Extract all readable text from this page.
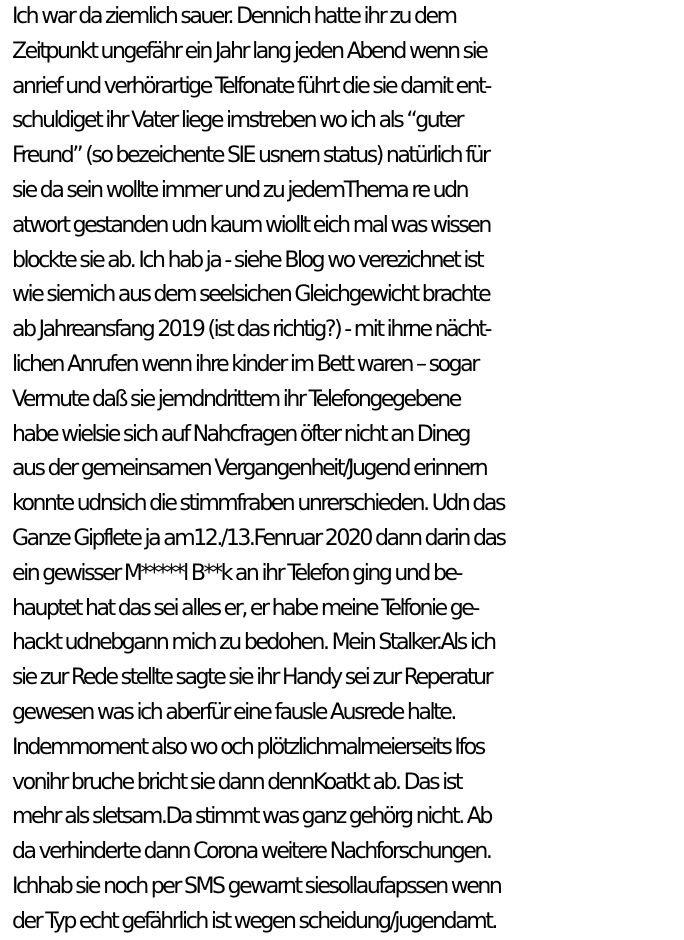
Ich war da ziemlich sauer. Dennich hatte ihr zu dem
Zeitpunkt ungefähr ein Jahr lang jeden Abend wenn sie
anrief und verhörartige Telfonate führt die sie damit ent-
schuldiget ihr Vater liege imstreben wo ich als “guter
Freund” (so bezeichente SIE usnern status) natürlich für
sie da sein wollte immer und zu jedemThema re udn
atwort gestanden udn kaum wiollt eich mal was wissen
blockte sie ab. Ich hab ja - siehe Blog wo verezichnet ist
wie siemich aus dem seelsichen Gleichgewicht brachte
ab Jahreansfang 2019 (ist das richtig?) - mit ihrne nächt-
lichen Anrufen wenn ihre kinder im Bett waren – sogar
Vermute daß sie jemdndrittem ihr Telefongegebene
habe wielsie sich auf Nahcfragen öfter nicht an Dineg
aus der gemeinsamen Vergangenheit/Jugend erinnern
konnte udnsich die stimmfraben unrerschieden. Udn das
Ganze Gipflete ja am12./13.Fenruar 2020 dann darin das
ein gewisser M*****l B**k an ihr Telefon ging und be-
hauptet hat das sei alles er, er habe meine Telfonie ge-
hackt udnebgann mich zu bedohen. Mein Stalker.Als ich
sie zur Rede stellte sagte sie ihr Handy sei zur Reperatur
gewesen was ich aberfür eine fausle Ausrede halte.
Indemmoment also wo och plötzlichmalmeierseits Ifos
vonihr bruche bricht sie dann dennKoatkt ab. Das ist
mehr als sletsam.Da stimmt was ganz gehörg nicht. Ab
da verhinderte dann Corona weitere Nachforschungen.
Ichhab sie noch per SMS gewarnt siesollaufapssen wenn
der Typ echt gefährlich ist wegen scheidung/jugendamt.
